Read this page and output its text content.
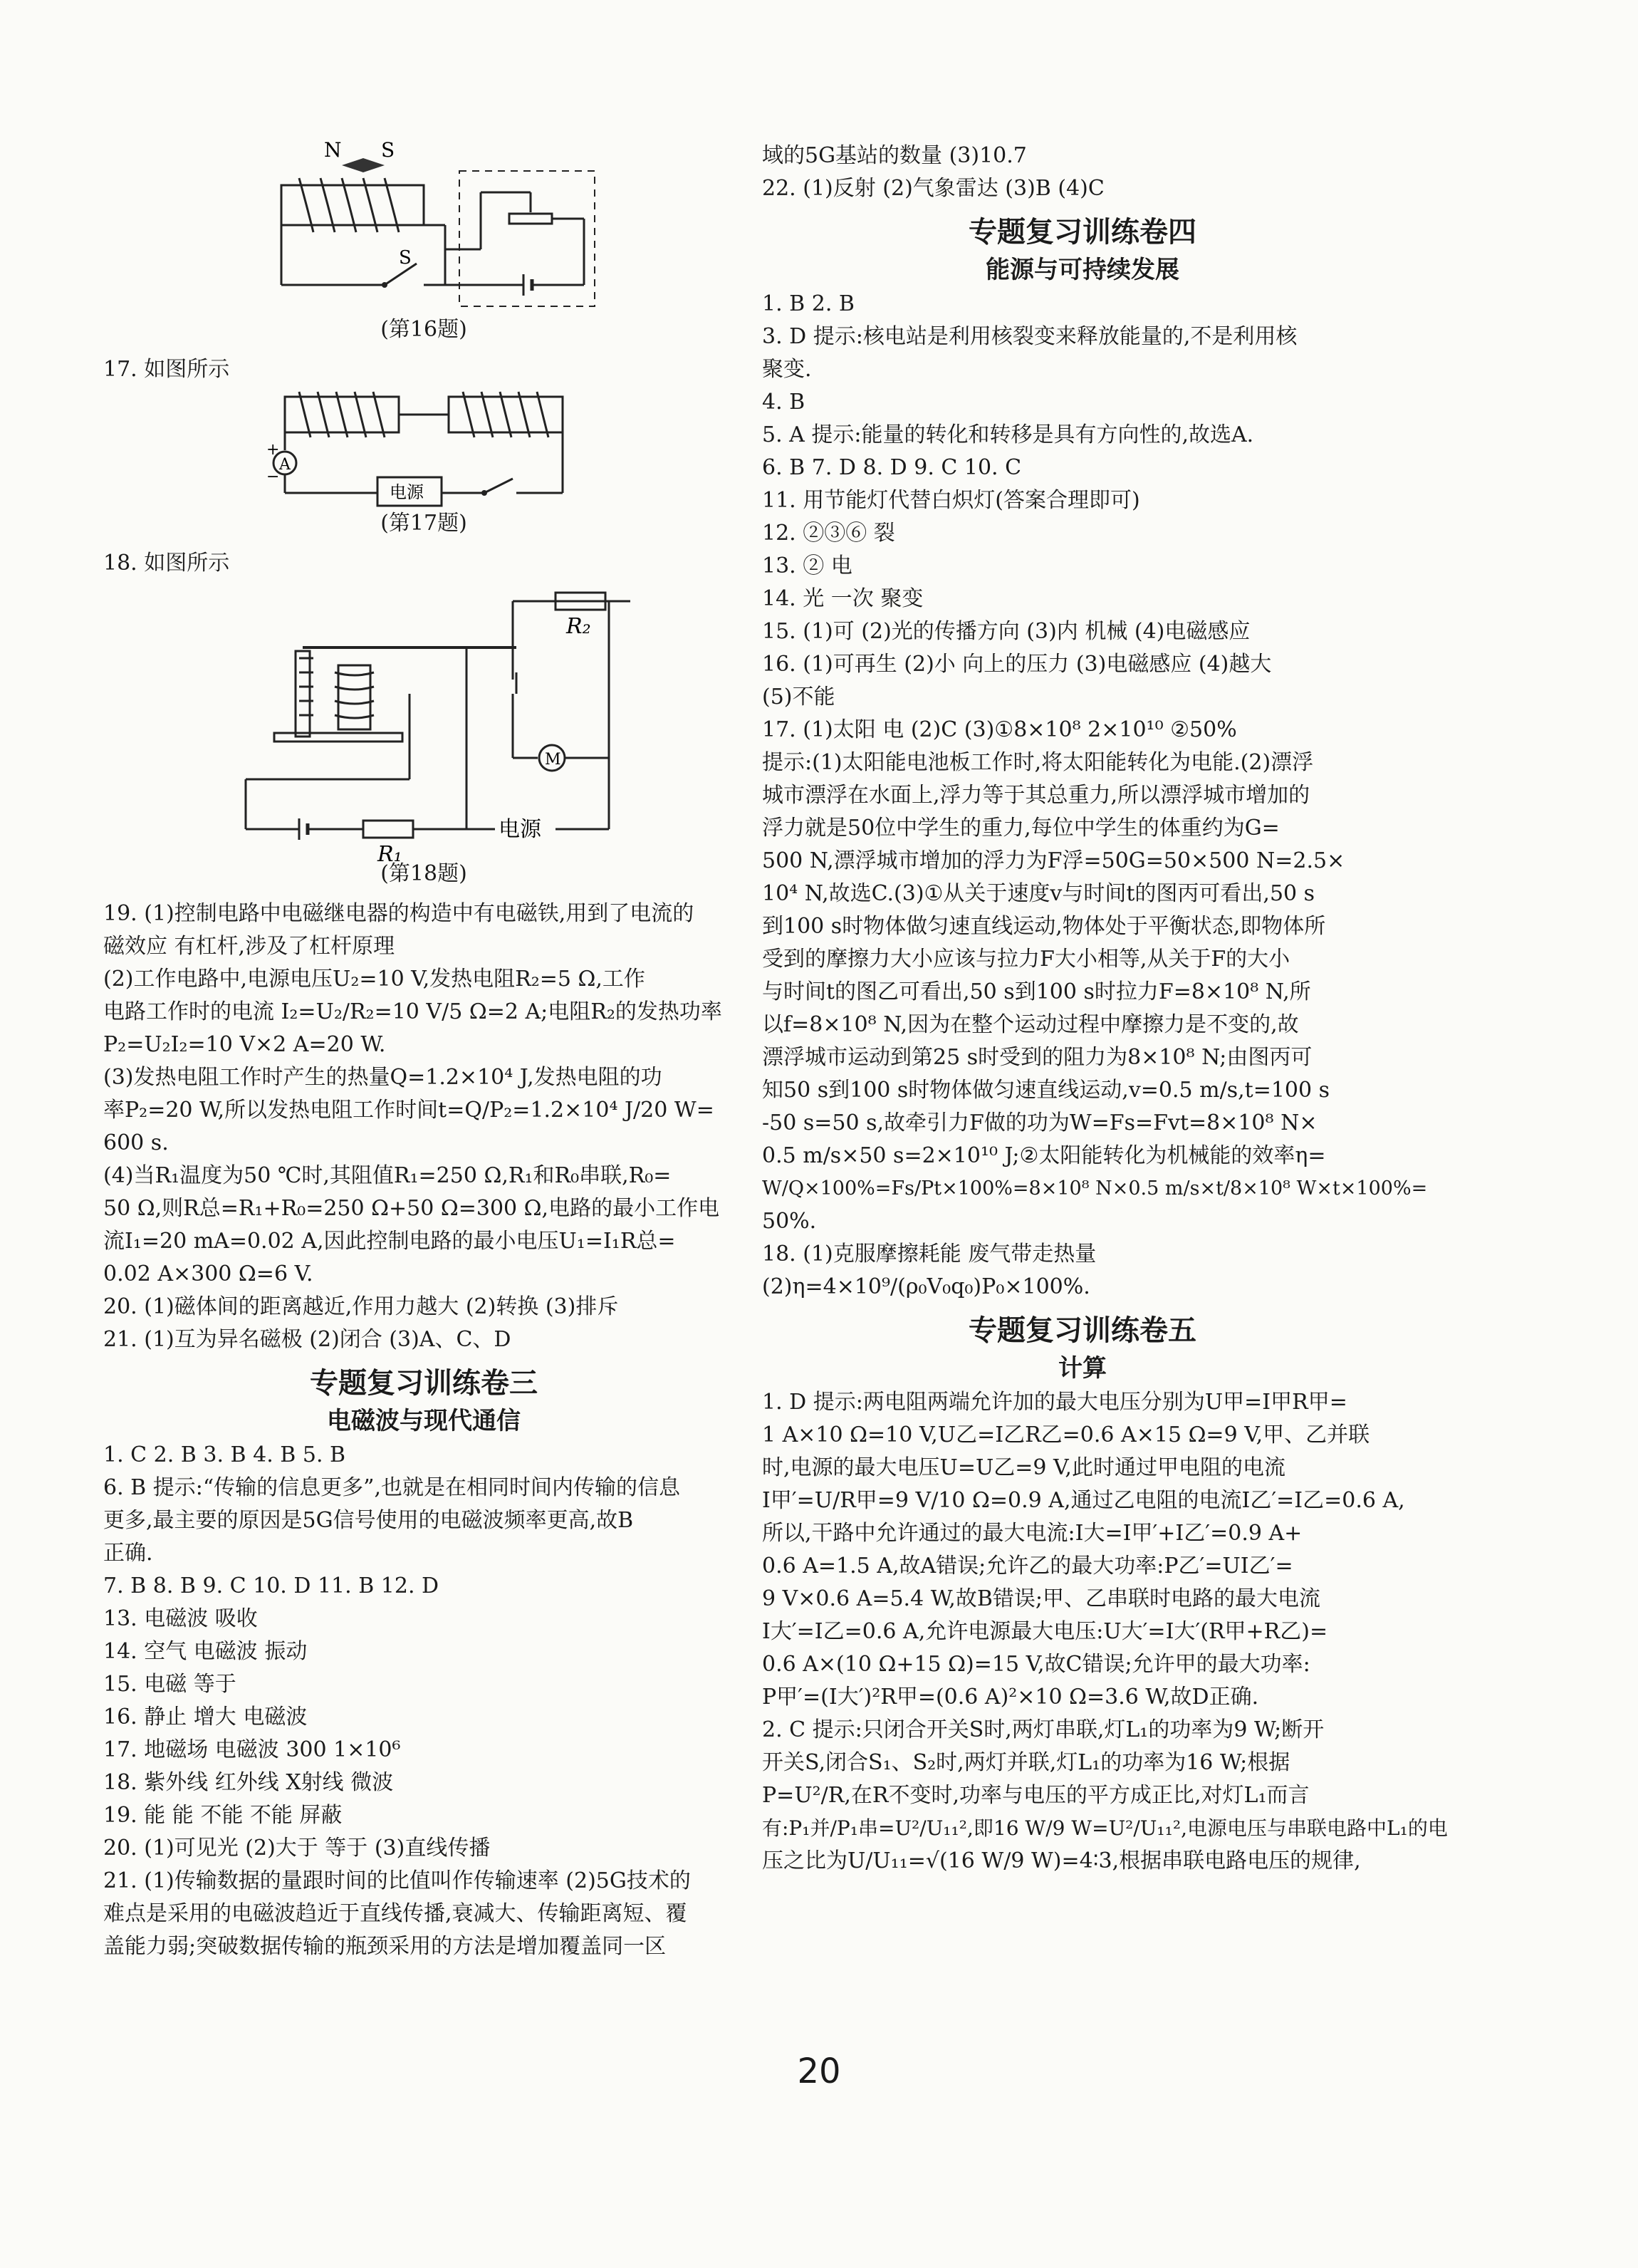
N S
S
(第16题)
17. 如图所示
A
+
−
电源
(第17题)
18. 如图所示
R₂
M
R₁
电源
(第18题)
19. (1)控制电路中电磁继电器的构造中有电磁铁,用到了电流的
磁效应 有杠杆,涉及了杠杆原理
(2)工作电路中,电源电压U₂=10 V,发热电阻R₂=5 Ω,工作
电路工作时的电流 I₂=U₂/R₂=10 V/5 Ω=2 A;电阻R₂的发热功率
P₂=U₂I₂=10 V×2 A=20 W.
(3)发热电阻工作时产生的热量Q=1.2×10⁴ J,发热电阻的功
率P₂=20 W,所以发热电阻工作时间t=Q/P₂=1.2×10⁴ J/20 W=
600 s.
(4)当R₁温度为50 ℃时,其阻值R₁=250 Ω,R₁和R₀串联,R₀=
50 Ω,则R总=R₁+R₀=250 Ω+50 Ω=300 Ω,电路的最小工作电
流I₁=20 mA=0.02 A,因此控制电路的最小电压U₁=I₁R总=
0.02 A×300 Ω=6 V.
20. (1)磁体间的距离越近,作用力越大 (2)转换 (3)排斥
21. (1)互为异名磁极 (2)闭合 (3)A、C、D
专题复习训练卷三
电磁波与现代通信
1. C 2. B 3. B 4. B 5. B
6. B 提示:“传输的信息更多”,也就是在相同时间内传输的信息
更多,最主要的原因是5G信号使用的电磁波频率更高,故B
正确.
7. B 8. B 9. C 10. D 11. B 12. D
13. 电磁波 吸收
14. 空气 电磁波 振动
15. 电磁 等于
16. 静止 增大 电磁波
17. 地磁场 电磁波 300 1×10⁶
18. 紫外线 红外线 X射线 微波
19. 能 能 不能 不能 屏蔽
20. (1)可见光 (2)大于 等于 (3)直线传播
21. (1)传输数据的量跟时间的比值叫作传输速率 (2)5G技术的
难点是采用的电磁波趋近于直线传播,衰减大、传输距离短、覆
盖能力弱;突破数据传输的瓶颈采用的方法是增加覆盖同一区
域的5G基站的数量 (3)10.7
22. (1)反射 (2)气象雷达 (3)B (4)C
专题复习训练卷四
能源与可持续发展
1. B 2. B
3. D 提示:核电站是利用核裂变来释放能量的,不是利用核
聚变.
4. B
5. A 提示:能量的转化和转移是具有方向性的,故选A.
6. B 7. D 8. D 9. C 10. C
11. 用节能灯代替白炽灯(答案合理即可)
12. ②③⑥ 裂
13. ② 电
14. 光 一次 聚变
15. (1)可 (2)光的传播方向 (3)内 机械 (4)电磁感应
16. (1)可再生 (2)小 向上的压力 (3)电磁感应 (4)越大
(5)不能
17. (1)太阳 电 (2)C (3)①8×10⁸ 2×10¹⁰ ②50%
提示:(1)太阳能电池板工作时,将太阳能转化为电能.(2)漂浮
城市漂浮在水面上,浮力等于其总重力,所以漂浮城市增加的
浮力就是50位中学生的重力,每位中学生的体重约为G=
500 N,漂浮城市增加的浮力为F浮=50G=50×500 N=2.5×
10⁴ N,故选C.(3)①从关于速度v与时间t的图丙可看出,50 s
到100 s时物体做匀速直线运动,物体处于平衡状态,即物体所
受到的摩擦力大小应该与拉力F大小相等,从关于F的大小
与时间t的图乙可看出,50 s到100 s时拉力F=8×10⁸ N,所
以f=8×10⁸ N,因为在整个运动过程中摩擦力是不变的,故
漂浮城市运动到第25 s时受到的阻力为8×10⁸ N;由图丙可
知50 s到100 s时物体做匀速直线运动,v=0.5 m/s,t=100 s
-50 s=50 s,故牵引力F做的功为W=Fs=Fvt=8×10⁸ N×
0.5 m/s×50 s=2×10¹⁰ J;②太阳能转化为机械能的效率η=
W/Q×100%=Fs/Pt×100%=8×10⁸ N×0.5 m/s×t/8×10⁸ W×t×100%=
50%.
18. (1)克服摩擦耗能 废气带走热量
(2)η=4×10⁹/(ρ₀V₀q₀)P₀×100%.
专题复习训练卷五
计算
1. D 提示:两电阻两端允许加的最大电压分别为U甲=I甲R甲=
1 A×10 Ω=10 V,U乙=I乙R乙=0.6 A×15 Ω=9 V,甲、乙并联
时,电源的最大电压U=U乙=9 V,此时通过甲电阻的电流
I甲′=U/R甲=9 V/10 Ω=0.9 A,通过乙电阻的电流I乙′=I乙=0.6 A,
所以,干路中允许通过的最大电流:I大=I甲′+I乙′=0.9 A+
0.6 A=1.5 A,故A错误;允许乙的最大功率:P乙′=UI乙′=
9 V×0.6 A=5.4 W,故B错误;甲、乙串联时电路的最大电流
I大′=I乙=0.6 A,允许电源最大电压:U大′=I大′(R甲+R乙)=
0.6 A×(10 Ω+15 Ω)=15 V,故C错误;允许甲的最大功率:
P甲′=(I大′)²R甲=(0.6 A)²×10 Ω=3.6 W,故D正确.
2. C 提示:只闭合开关S时,两灯串联,灯L₁的功率为9 W;断开
开关S,闭合S₁、S₂时,两灯并联,灯L₁的功率为16 W;根据
P=U²/R,在R不变时,功率与电压的平方成正比,对灯L₁而言
有:P₁并/P₁串=U²/U₁₁²,即16 W/9 W=U²/U₁₁²,电源电压与串联电路中L₁的电
压之比为U/U₁₁=√(16 W/9 W)=4∶3,根据串联电路电压的规律,
20
